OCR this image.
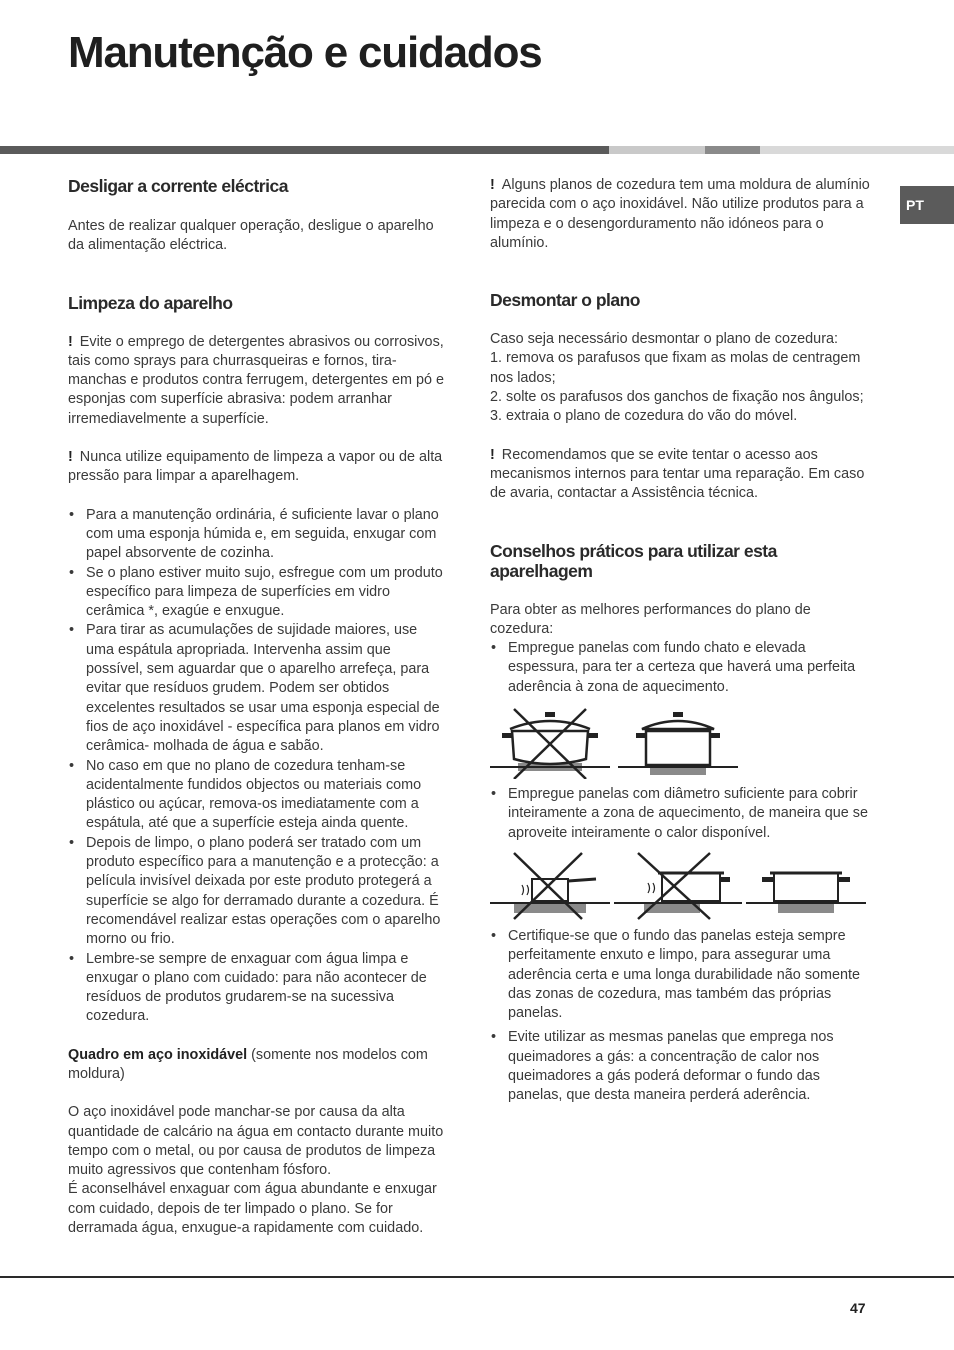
Manutenção e cuidados
PT
Desligar a corrente eléctrica

Antes de realizar qualquer operação, desligue o aparelho da alimentação eléctrica.

Limpeza do aparelho

! Evite o emprego de detergentes abrasivos ou corrosivos, tais como sprays para churrasqueiras e fornos, tira-manchas e produtos contra ferrugem, detergentes em pó e esponjas com superfície abrasiva: podem arranhar irremediavelmente a superfície.

! Nunca utilize equipamento de limpeza a vapor ou de alta pressão para limpar a aparelhagem.

• Para a manutenção ordinária, é suficiente lavar o plano com uma esponja húmida e, em seguida, enxugar com papel absorvente de cozinha.
• Se o plano estiver muito sujo, esfregue com um produto específico para limpeza de superfícies em vidro cerâmica *, exagúe e enxugue.
• Para tirar as acumulações de sujidade maiores, use uma espátula apropriada. Intervenha assim que possível, sem aguardar que o aparelho arrefeça, para evitar que resíduos grudem. Podem ser obtidos excelentes resultados se usar uma esponja especial de fios de aço inoxidável - específica para planos em vidro cerâmica- molhada de água e sabão.
• No caso em que no plano de cozedura tenham-se acidentalmente fundidos objectos ou materiais como plástico ou açúcar, remova-os imediatamente com a espátula, até que a superfície esteja ainda quente.
• Depois de limpo, o plano poderá ser tratado com um produto específico para a manutenção e a protecção: a película invisível deixada por este produto protegerá a superfície se algo for derramado durante a cozedura. É recomendável realizar estas operações com o aparelho morno ou frio.
• Lembre-se sempre de enxaguar com água limpa e enxugar o plano com cuidado: para não acontecer de resíduos de produtos grudarem-se na sucessiva cozedura.

Quadro em aço inoxidável (somente nos modelos com moldura)

O aço inoxidável pode manchar-se por causa da alta quantidade de calcário na água em contacto durante muito tempo com o metal, ou por causa de produtos de limpeza muito agressivos que contenham fósforo.

É aconselhável enxaguar com água abundante e enxugar com cuidado, depois de ter limpado o plano. Se for derramada água, enxugue-a rapidamente com cuidado.

! Alguns planos de cozedura tem uma moldura de alumínio parecida com o aço inoxidável. Não utilize produtos para a limpeza e o desengorduramento não idóneos para o alumínio.

Desmontar o plano

Caso seja necessário desmontar o plano de cozedura:

1. remova os parafusos que fixam as molas de centragem nos lados;

2. solte os parafusos dos ganchos de fixação nos ângulos;

3. extraia o plano de cozedura do vão do móvel.

! Recomendamos que se evite tentar o acesso aos mecanismos internos para tentar uma reparação. Em caso de avaria, contactar a Assistência técnica.

Conselhos práticos para utilizar esta aparelhagem

Para obter as melhores performances do plano de cozedura:

• Empregue panelas com fundo chato e elevada espessura, para ter a certeza que haverá uma perfeita aderência à zona de aquecimento.
• Empregue panelas com diâmetro suficiente para cobrir inteiramente a zona de aquecimento, de maneira que se aproveite inteiramente o calor disponível.
• Certifique-se que o fundo das panelas esteja sempre perfeitamente enxuto e limpo, para assegurar uma aderência certa e uma longa durabilidade não somente das zonas de cozedura, mas também das próprias panelas.
• Evite utilizar as mesmas panelas que emprega nos queimadores a gás: a concentração de calor nos queimadores a gás poderá deformar o fundo das panelas, que desta maneira perderá aderência.
47
